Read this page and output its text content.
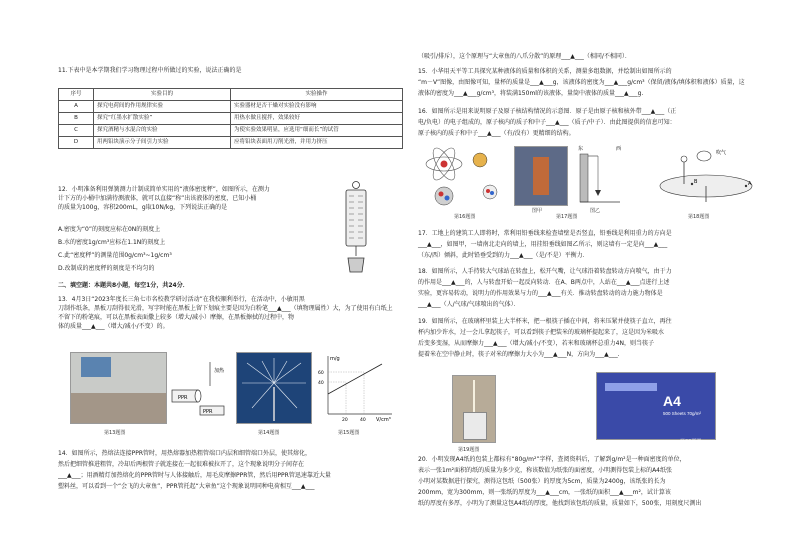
11.下表中是本学期我们学习物理过程中所做过的实验，说法正确的是

序号	实验目的	实验操作
A	探究电荷间的作用规律实验	实验器材是否干燥对实验没有影响
B	探究“红墨水扩散实验”	用热水做且搅拌，效果较好
C	探究酒精与水混合的实验	为使实验效果明显，应选用“细而长”的试管
D	用两铅块演示分子间引力实验	应将铅块表面用刀削光滑，并用力挤压

12．小明准备利用弹簧测力计制成简单实用的“液体密度秤”，如图所示，在测力

计下方的小桶中加满待测液体，就可以直接“称”出该液体的密度，已知小桶

的质量为100g，容积200mL，g取10N/kg，下列说法正确的是

A.密度为“0”的刻度应标在0N的刻度上

B.水的密度1g/cm³应标在1.1N的刻度上

C.此“密度秤”的测量范围0g/cm³~1g/cm³

D.改制成的密度秤的刻度是不均匀的

二、填空题：本题共8小题，每空1分，共24分．

13．4月3日“2023年度长三角七市名校教学研讨活动”在我校顺利举行，在活动中，小敏用黑

刀制作纸条，黑板刀刮得很光滑，写字时能在黑板上留下划痕主要是因为白粉笔___▲___（填物理属性）大，为了使用有白纸上

不留下的粉笔痕，可以在黑板表面撒上较多（增大/减小）摩擦，在黑板擦拭的过程中，物

体的质量___▲___（增大/减小/不变）的。

第13题图

PPR
PPR
加热

第14题图

m/g
V/cm³
20	40
40
60

第15题图

14．如图所示，热熔法连接PPR管时，用热熔器加热粗管端口内层和细管端口外层，使其熔化，

然后把细管推进粗管，冷却后两根管子就连接在一起很难被拉开了，这个现象说明分子间存在

___▲___；用酒精灯加热熔化的PPR管时与人体接触后，用毛皮摩擦PPR管，然后用PPR管迅速靠近大量

塑料丝，可以看到一个“会飞的大章鱼”，PPR管托起“大章鱼”这个现象说明同种电荷相互___▲___

（吸引/排斥），这个原理与“大章鱼的八爪分散”的原理___▲___（相同/不相同）．

15．小华用天平等工具探究某种液体的质量和体积的关系，测量多组数据，并绘制出如图所示的

“m－V”图像，由图像可知，量杯的质量是___▲___g，该液体的密度为___▲___g/cm³（保留/液体/填体积和液体）质量，这

液体的密度为___▲___g/cm³，将装满150ml的该液体，量筒中液体的质量___▲___g.

16．如图所示是用来说明原子及原子核结构情况的示意图．原子是由原子核和核外带___▲___（正

电/负电）的电子组成的，原子核内的质子和中子___▲___（质子/中子）．由此图提供的信息可知：

原子核内的质子和中子___▲___（有/没有）更精细的结构。

第16题图

图甲

东	西

图乙

第17题图

吹气
B	A

第18题图

17．工地上的建筑工人即将时，常利用铅垂线来检查墙壁是否竖直，铅垂线是利用重力的方向是

___▲___，如图甲，一墙南北走向的墙上，用挂铅垂线如图乙所示，则这墙有一定是向___▲___

（东/西）倾斜，此时铅垂受到的力___▲___（是/不是）平衡力．

18．如图所示，人手持转大气球站在转盘上，松开气嘴，让气球沿着转盘转动方向喷气，由于力

的作用是___▲___的，人与转盘开始一起反向转动．在A、B两点中，人站在___▲___点进行上述

实验，更容易转动，说明力的作用效果与力的___▲___有关．推动转盘转动的动力施力物体是

___▲___（人/气球/气球喷出的气体）．

19．如图所示，在玻璃杯里装上大半杯米，把一根筷子插在中间，将米压紧并使筷子直立，再往

杯内加少许水，过一会儿拿起筷子，可以看到筷子把装米的玻璃杯提起来了，这是因为米吸水

后变多变湿，从而摩擦力___▲___（增大/减小/不变），若米和玻璃杯总重力4N，则当筷子

提着米在空中静止时，筷子对米的摩擦力大小为___▲___N，方向为___▲___.

第19题图

A4
500 Sheets 70g/m²

第20题图

20．小明发现A4纸的包装上都标有“80g/m²”字样，查阅资料后，了解到g/m²是一种面密度的单位，

表示一张1m²面积的纸的质量为多少克，称该数值为纸张的面密度，小明测得包装上标的A4纸张

小明对某数据进行探究，测得这包纸（500张）的厚度为5cm，质量为2400g，该纸张的长为

200mm，宽为300mm，则一张纸的厚度为___▲___cm，一张纸的面积___▲___m²，试计算该

纸的厚度有多厚，小明为了测量这包A4纸的厚度，他找到该包纸的质量，质量如下，500张，用刻度尺测出
